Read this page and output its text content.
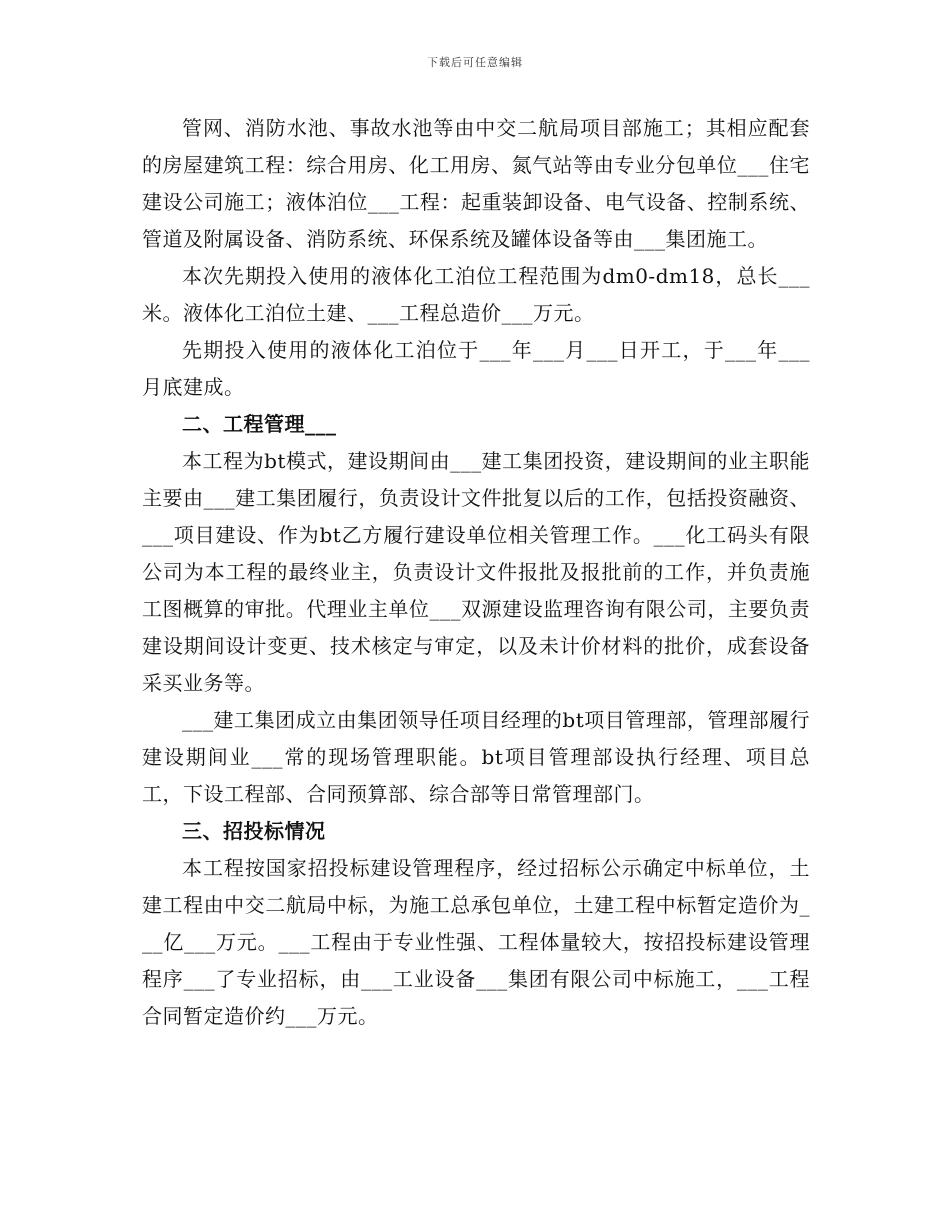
下载后可任意编辑

管网、消防水池、事故水池等由中交二航局项目部施工；其相应配套的房屋建筑工程：综合用房、化工用房、氮气站等由专业分包单位___住宅建设公司施工；液体泊位___工程：起重装卸设备、电气设备、控制系统、管道及附属设备、消防系统、环保系统及罐体设备等由___集团施工。

本次先期投入使用的液体化工泊位工程范围为dm0-dm18，总长___米。液体化工泊位土建、___工程总造价___万元。

先期投入使用的液体化工泊位于___年___月___日开工，于___年___月底建成。

二、工程管理___

本工程为bt模式，建设期间由___建工集团投资，建设期间的业主职能主要由___建工集团履行，负责设计文件批复以后的工作，包括投资融资、___项目建设、作为bt乙方履行建设单位相关管理工作。___化工码头有限公司为本工程的最终业主，负责设计文件报批及报批前的工作，并负责施工图概算的审批。代理业主单位___双源建设监理咨询有限公司，主要负责建设期间设计变更、技术核定与审定，以及未计价材料的批价，成套设备采买业务等。

___建工集团成立由集团领导任项目经理的bt项目管理部，管理部履行建设期间业___常的现场管理职能。bt项目管理部设执行经理、项目总工，下设工程部、合同预算部、综合部等日常管理部门。

三、招投标情况

本工程按国家招投标建设管理程序，经过招标公示确定中标单位，土建工程由中交二航局中标，为施工总承包单位，土建工程中标暂定造价为___亿___万元。___工程由于专业性强、工程体量较大，按招投标建设管理程序___了专业招标，由___工业设备___集团有限公司中标施工，___工程合同暂定造价约___万元。
